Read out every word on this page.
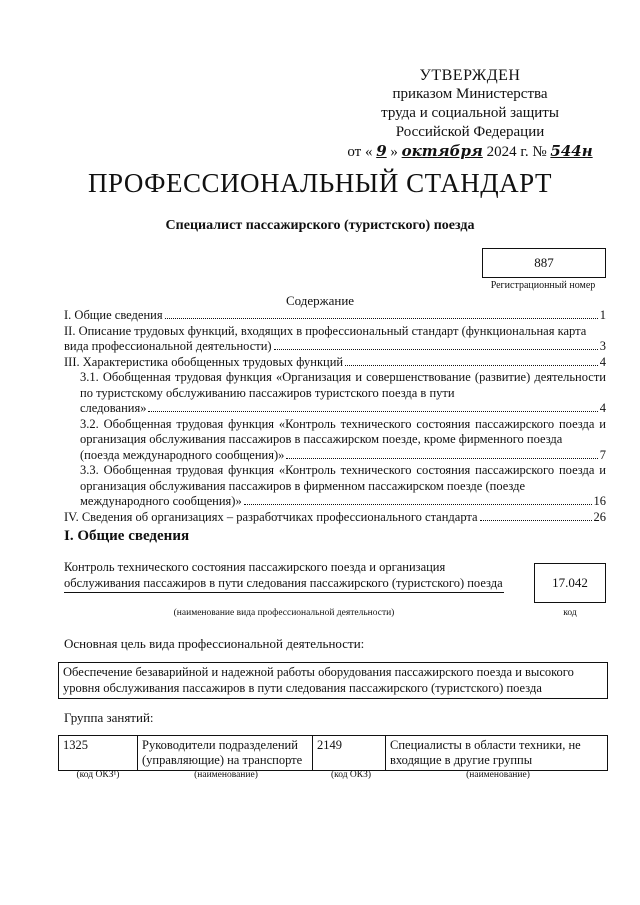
УТВЕРЖДЕН
приказом Министерства
труда и социальной защиты
Российской Федерации
от « 9 » октября 2024 г. № 544н
ПРОФЕССИОНАЛЬНЫЙ СТАНДАРТ
Специалист пассажирского (туристского) поезда
887
Регистрационный номер
Содержание
I. Общие сведения	1
II. Описание трудовых функций, входящих в профессиональный стандарт (функциональная карта
вида профессиональной деятельности)	3
III. Характеристика обобщенных трудовых функций	4
3.1. Обобщенная трудовая функция «Организация и совершенствование (развитие) деятельности по туристскому обслуживанию пассажиров туристского поезда в пути
следования»	4
3.2. Обобщенная трудовая функция «Контроль технического состояния пассажирского поезда и организация обслуживания пассажиров в пассажирском поезде, кроме фирменного поезда
(поезда международного сообщения)»	7
3.3. Обобщенная трудовая функция «Контроль технического состояния пассажирского поезда и организация обслуживания пассажиров в фирменном пассажирском поезде (поезде
международного сообщения)»	16
IV. Сведения об организациях – разработчиках профессионального стандарта	26
I. Общие сведения
Контроль технического состояния пассажирского поезда и организация обслуживания пассажиров в пути следования пассажирского (туристского) поезда
(наименование вида профессиональной деятельности)
17.042
код
Основная цель вида профессиональной деятельности:
Обеспечение безаварийной и надежной работы оборудования пассажирского поезда и высокого уровня обслуживания пассажиров в пути следования пассажирского (туристского) поезда
Группа занятий:
1325	Руководители подразделений (управляющие) на транспорте	2149	Специалисты в области техники, не входящие в другие группы
(код ОКЗ¹)	(наименование)	(код ОКЗ)	(наименование)
